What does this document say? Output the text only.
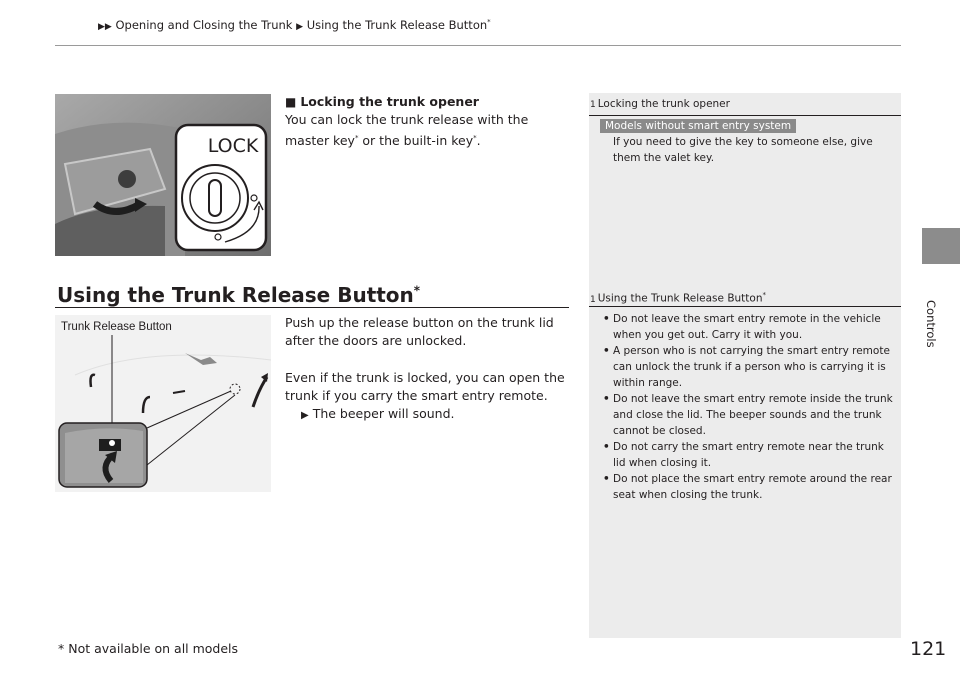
▶▶ Opening and Closing the Trunk ▶ Using the Trunk Release Button*
Controls
LOCK
■ Locking the trunk opener
You can lock the trunk release with the master key* or the built-in key*.
1 Locking the trunk opener
Models without smart entry system
If you need to give the key to someone else, give them the valet key.
1 Using the Trunk Release Button*
• Do not leave the smart entry remote in the vehicle when you get out. Carry it with you.
• A person who is not carrying the smart entry remote can unlock the trunk if a person who is carrying it is within range.
• Do not leave the smart entry remote inside the trunk and close the lid. The beeper sounds and the trunk cannot be closed.
• Do not carry the smart entry remote near the trunk lid when closing it.
• Do not place the smart entry remote around the rear seat when closing the trunk.
Using the Trunk Release Button*
Trunk Release Button	Push up the release button on the trunk lid after the doors are unlocked.
Even if the trunk is locked, you can open the trunk if you carry the smart entry remote.
▶ The beeper will sound.
* Not available on all models	121
